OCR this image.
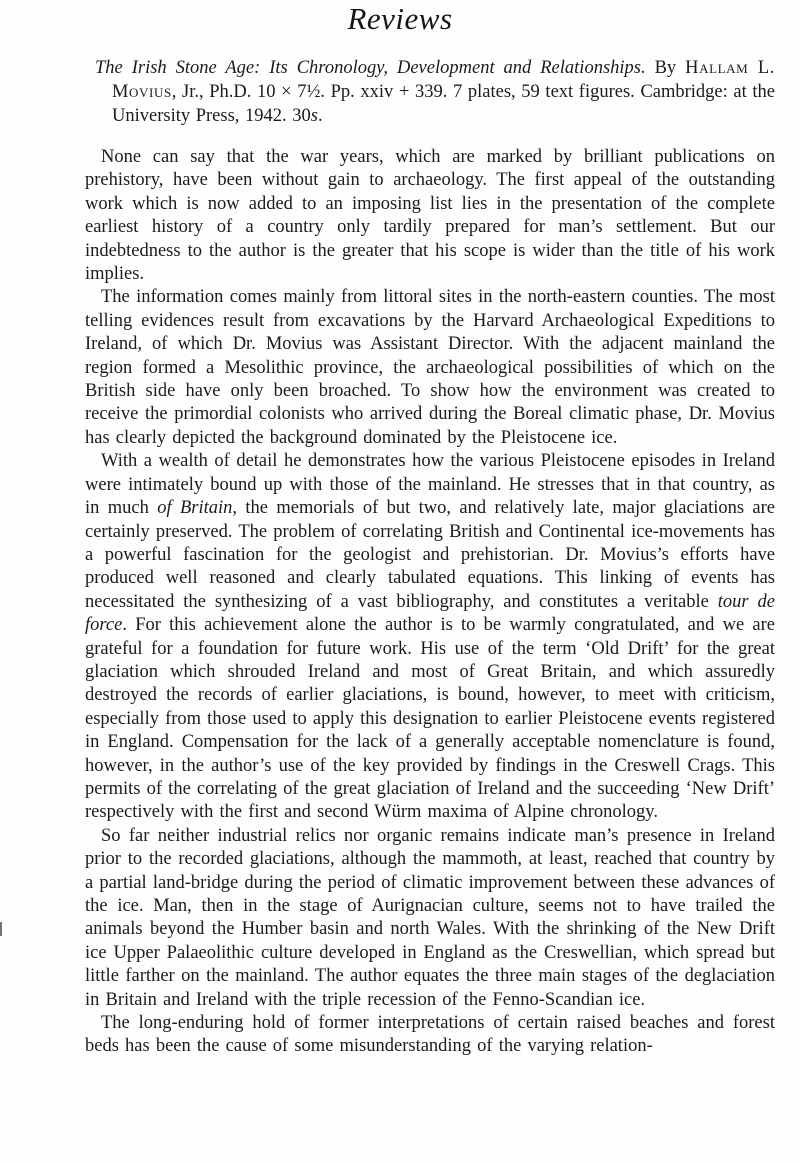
Reviews
The Irish Stone Age: Its Chronology, Development and Relationships. By Hallam L. Movius, Jr., Ph.D. 10 × 7½. Pp. xxiv + 339. 7 plates, 59 text figures. Cambridge: at the University Press, 1942. 30s.

None can say that the war years, which are marked by brilliant publications on prehistory, have been without gain to archaeology. The first appeal of the outstanding work which is now added to an imposing list lies in the presentation of the complete earliest history of a country only tardily prepared for man’s settlement. But our indebtedness to the author is the greater that his scope is wider than the title of his work implies.

The information comes mainly from littoral sites in the north-eastern counties. The most telling evidences result from excavations by the Harvard Archaeological Expeditions to Ireland, of which Dr. Movius was Assistant Director. With the adjacent mainland the region formed a Mesolithic province, the archaeological possibilities of which on the British side have only been broached. To show how the environment was created to receive the primordial colonists who arrived during the Boreal climatic phase, Dr. Movius has clearly depicted the background dominated by the Pleistocene ice.

With a wealth of detail he demonstrates how the various Pleistocene episodes in Ireland were intimately bound up with those of the mainland. He stresses that in that country, as in much of Britain, the memorials of but two, and relatively late, major glaciations are certainly preserved. The problem of correlating British and Continental ice-movements has a powerful fascination for the geologist and prehistorian. Dr. Movius’s efforts have produced well reasoned and clearly tabulated equations. This linking of events has necessitated the synthesizing of a vast bibliography, and constitutes a veritable tour de force. For this achievement alone the author is to be warmly congratulated, and we are grateful for a foundation for future work. His use of the term ‘Old Drift’ for the great glaciation which shrouded Ireland and most of Great Britain, and which assuredly destroyed the records of earlier glaciations, is bound, however, to meet with criticism, especially from those used to apply this designation to earlier Pleistocene events registered in England. Compensation for the lack of a generally acceptable nomenclature is found, however, in the author’s use of the key provided by findings in the Creswell Crags. This permits of the correlating of the great glaciation of Ireland and the succeeding ‘New Drift’ respectively with the first and second Würm maxima of Alpine chronology.

So far neither industrial relics nor organic remains indicate man’s presence in Ireland prior to the recorded glaciations, although the mammoth, at least, reached that country by a partial land-bridge during the period of climatic improvement between these advances of the ice. Man, then in the stage of Aurignacian culture, seems not to have trailed the animals beyond the Humber basin and north Wales. With the shrinking of the New Drift ice Upper Palaeolithic culture developed in England as the Creswellian, which spread but little farther on the mainland. The author equates the three main stages of the deglaciation in Britain and Ireland with the triple recession of the Fenno-Scandian ice.

The long-enduring hold of former interpretations of certain raised beaches and forest beds has been the cause of some misunderstanding of the varying relation-
